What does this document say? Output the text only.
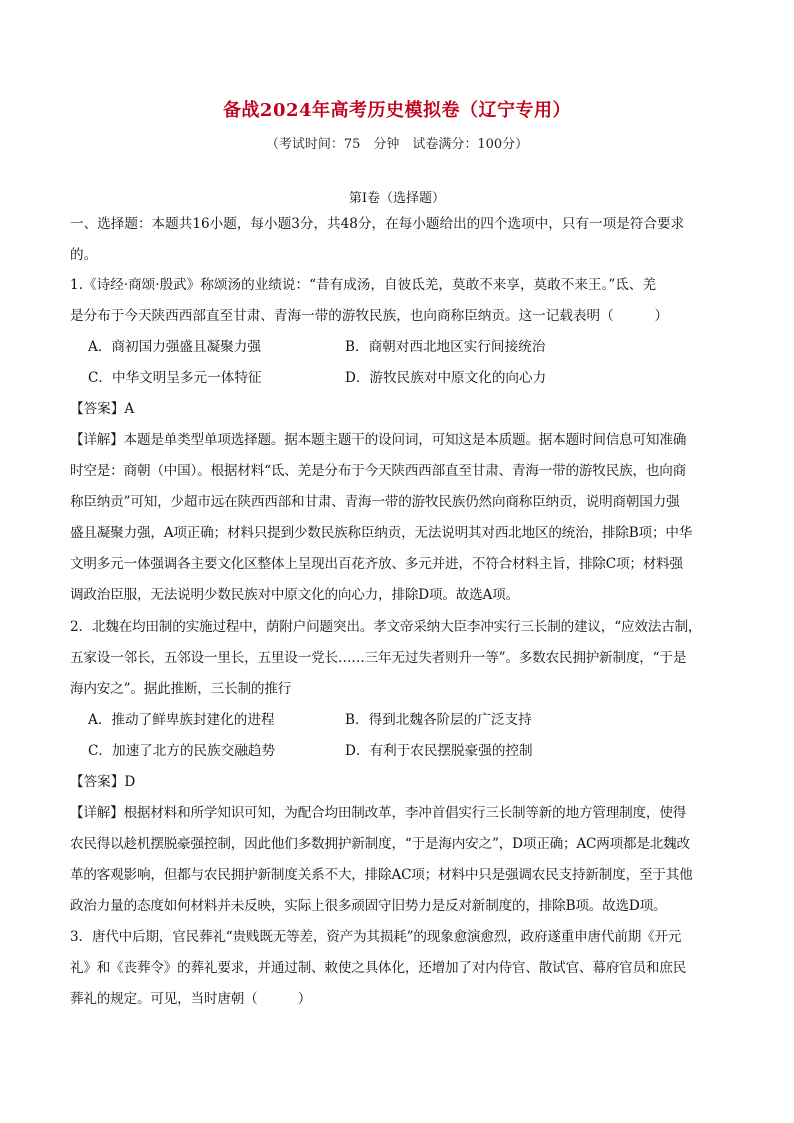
备战2024年高考历史模拟卷（辽宁专用）
（考试时间：75　分钟　试卷满分：100分）
第I卷（选择题）

一、选择题：本题共16小题，每小题3分，共48分，在每小题给出的四个选项中，只有一项是符合要求

的。

1.《诗经·商颂·殷武》称颂汤的业绩说：“昔有成汤，自彼氐羌，莫敢不来享，莫敢不来王。”氐、羌

是分布于今天陕西西部直至甘肃、青海一带的游牧民族，也向商称臣纳贡。这一记载表明（　　　）

A．商初国力强盛且凝聚力强	B．商朝对西北地区实行间接统治
C．中华文明呈多元一体特征	D．游牧民族对中原文化的向心力

【答案】A

【详解】本题是单类型单项选择题。据本题主题干的设问词，可知这是本质题。据本题时间信息可知准确

时空是：商朝（中国）。根据材料“氐、羌是分布于今天陕西西部直至甘肃、青海一带的游牧民族，也向商

称臣纳贡”可知，少超市远在陕西西部和甘肃、青海一带的游牧民族仍然向商称臣纳贡，说明商朝国力强

盛且凝聚力强，A项正确；材料只提到少数民族称臣纳贡，无法说明其对西北地区的统治，排除B项；中华

文明多元一体强调各主要文化区整体上呈现出百花齐放、多元并进，不符合材料主旨，排除C项；材料强

调政治臣服，无法说明少数民族对中原文化的向心力，排除D项。故选A项。

2．北魏在均田制的实施过程中，荫附户问题突出。孝文帝采纳大臣李冲实行三长制的建议，“应效法古制，

五家设一邻长，五邻设一里长，五里设一党长……三年无过失者则升一等”。多数农民拥护新制度，“于是

海内安之”。据此推断，三长制的推行

A．推动了鲜卑族封建化的进程	B．得到北魏各阶层的广泛支持
C．加速了北方的民族交融趋势	D．有利于农民摆脱豪强的控制

【答案】D

【详解】根据材料和所学知识可知，为配合均田制改革，李冲首倡实行三长制等新的地方管理制度，使得

农民得以趁机摆脱豪强控制，因此他们多数拥护新制度，“于是海内安之”，D项正确；AC两项都是北魏改

革的客观影响，但都与农民拥护新制度关系不大，排除AC项；材料中只是强调农民支持新制度，至于其他

政治力量的态度如何材料并未反映，实际上很多顽固守旧势力是反对新制度的，排除B项。故选D项。

3．唐代中后期，官民葬礼“贵贱既无等差，资产为其损耗”的现象愈演愈烈，政府遂重申唐代前期《开元

礼》和《丧葬令》的葬礼要求，并通过制、敕使之具体化，还增加了对内侍官、散试官、幕府官员和庶民

葬礼的规定。可见，当时唐朝（　　　）
